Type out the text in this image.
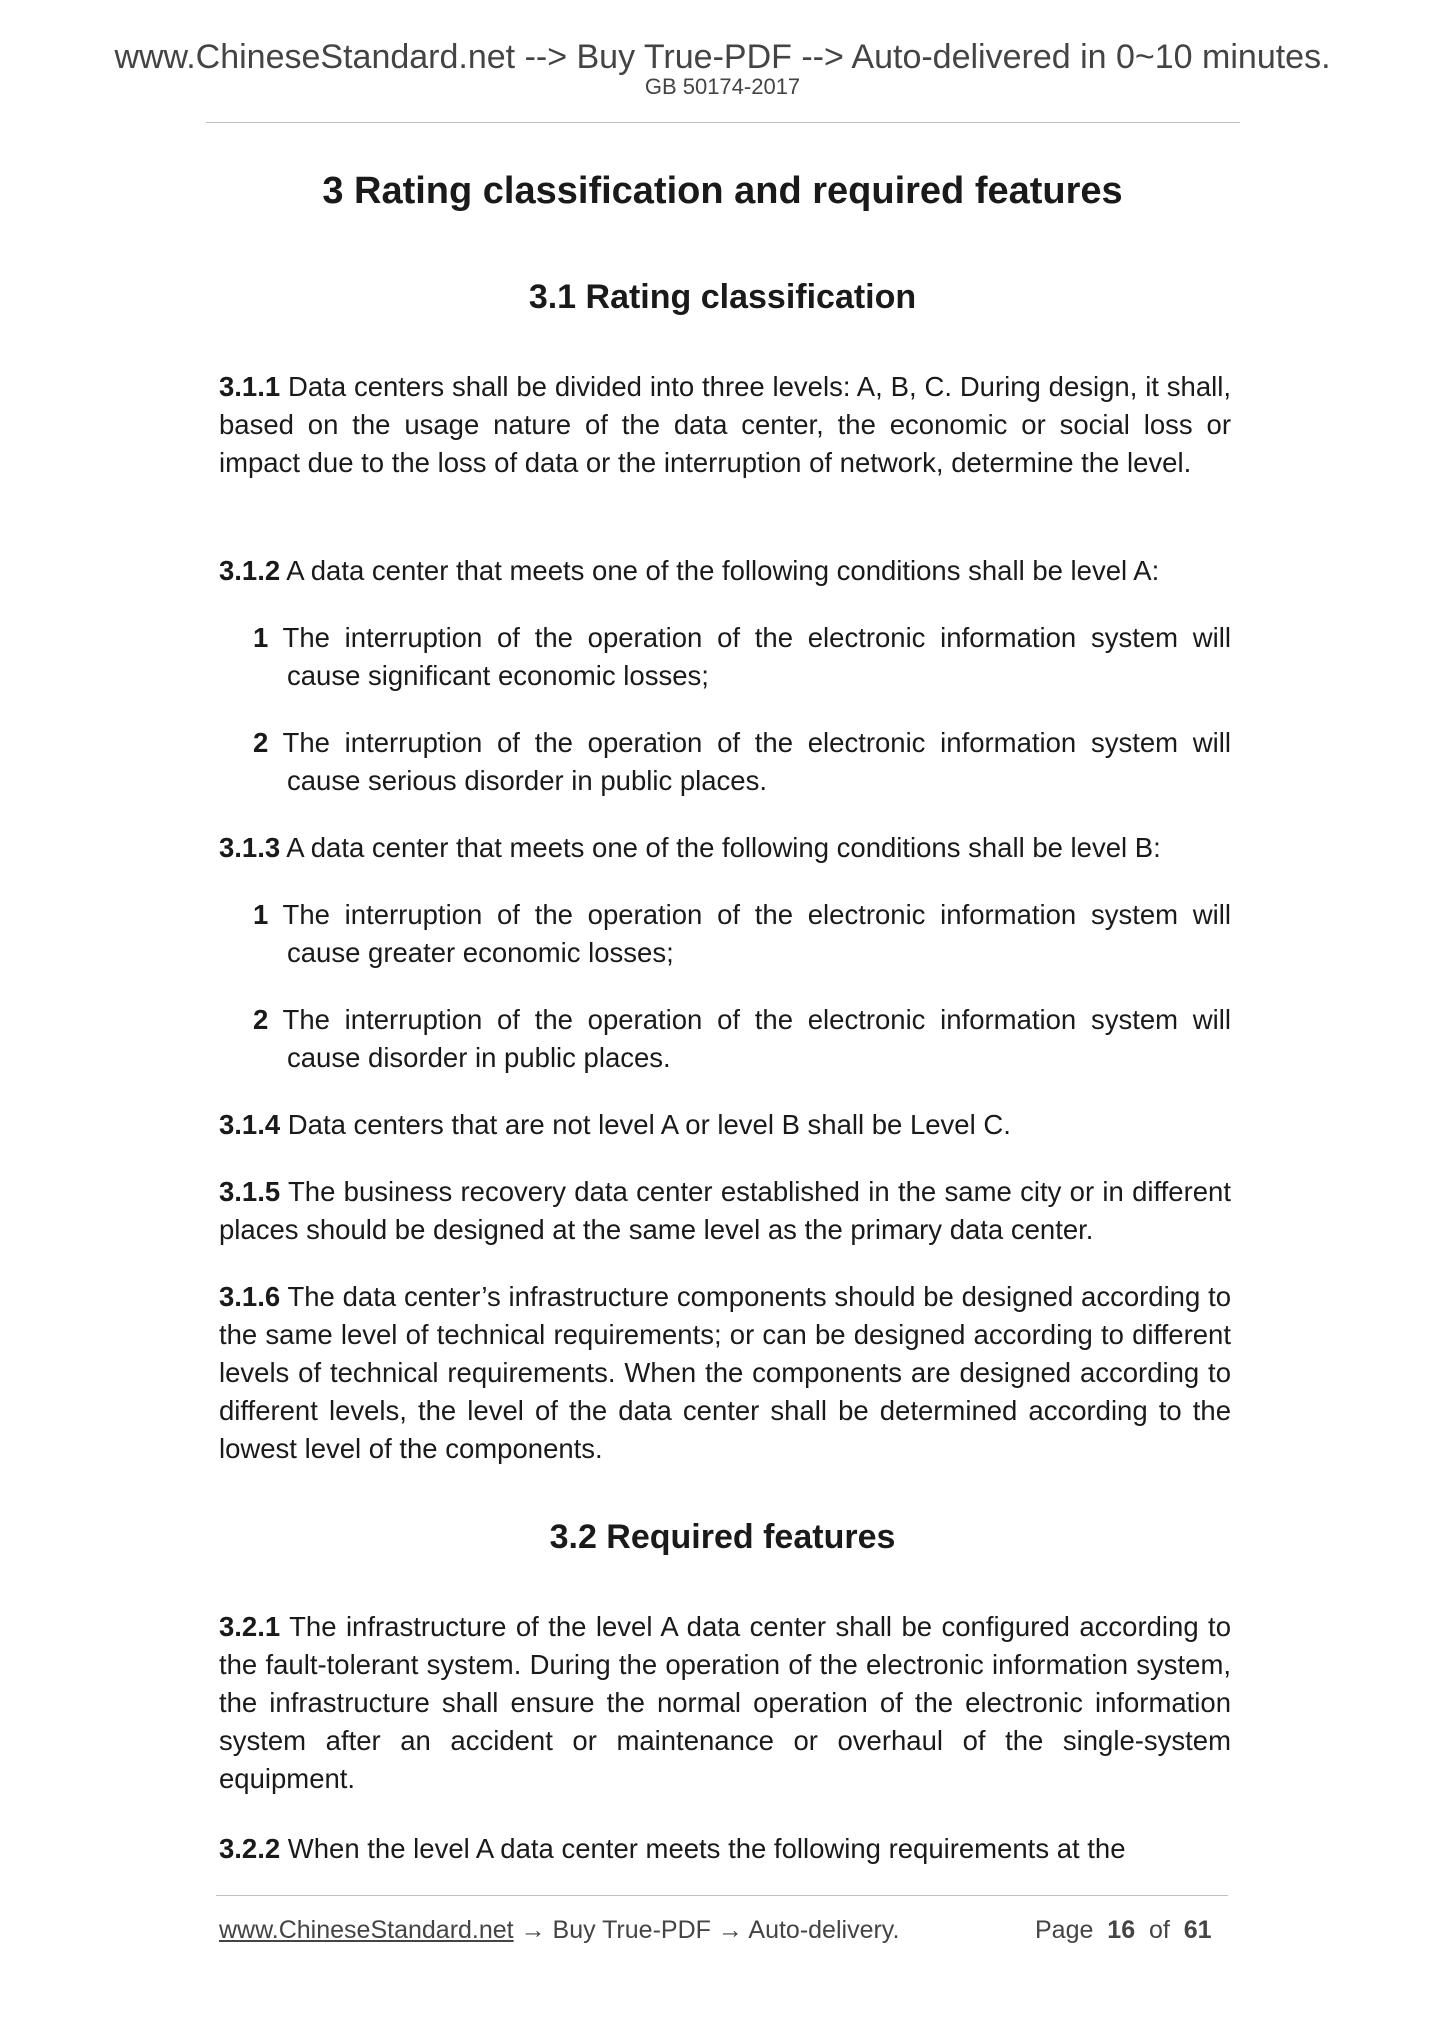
www.ChineseStandard.net --> Buy True-PDF --> Auto-delivered in 0~10 minutes.
GB 50174-2017
3 Rating classification and required features
3.1 Rating classification
3.1.1 Data centers shall be divided into three levels: A, B, C. During design, it shall, based on the usage nature of the data center, the economic or social loss or impact due to the loss of data or the interruption of network, determine the level.
3.1.2 A data center that meets one of the following conditions shall be level A:
1 The interruption of the operation of the electronic information system will cause significant economic losses;
2 The interruption of the operation of the electronic information system will cause serious disorder in public places.
3.1.3 A data center that meets one of the following conditions shall be level B:
1 The interruption of the operation of the electronic information system will cause greater economic losses;
2 The interruption of the operation of the electronic information system will cause disorder in public places.
3.1.4 Data centers that are not level A or level B shall be Level C.
3.1.5 The business recovery data center established in the same city or in different places should be designed at the same level as the primary data center.
3.1.6 The data center’s infrastructure components should be designed according to the same level of technical requirements; or can be designed according to different levels of technical requirements. When the components are designed according to different levels, the level of the data center shall be determined according to the lowest level of the components.
3.2 Required features
3.2.1 The infrastructure of the level A data center shall be configured according to the fault-tolerant system. During the operation of the electronic information system, the infrastructure shall ensure the normal operation of the electronic information system after an accident or maintenance or overhaul of the single-system equipment.
3.2.2 When the level A data center meets the following requirements at the
www.ChineseStandard.net → Buy True-PDF → Auto-delivery.	Page 16 of 61
